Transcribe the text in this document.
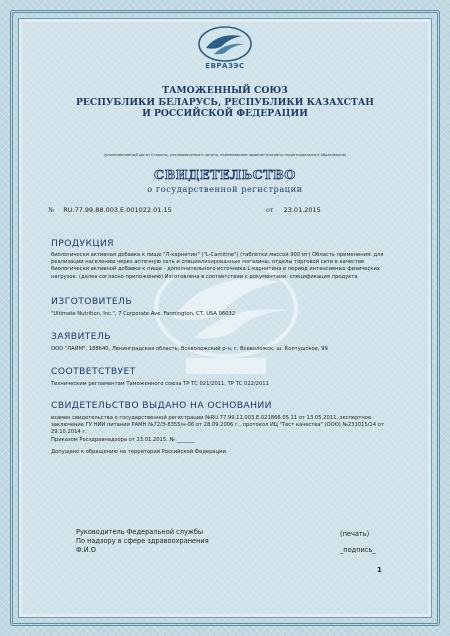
ЕВРАЗЭС
ТАМОЖЕННЫЙ СОЮЗ
РЕСПУБЛИКИ БЕЛАРУСЬ, РЕСПУБЛИКИ КАЗАХСТАН
И РОССИЙСКОЙ ФЕДЕРАЦИИ
(уполномоченный орган Стороны, уполномоченного органа, наименование административно-территориального образования)
СВИДЕТЕЛЬСТВО
о государственной регистрации
№ RU.77.99.88.003.E.001022.01.15	от 23.01.2015
ПРОДУКЦИЯ
биологически активная добавка к пище "Л-карнитин" ("L-Carnitine") (таблетки массой 900 мг) Область применения: для реализации населению через аптечную сеть и специализированные магазины, отделы торговой сети в качестве биологически активной добавки к пище - дополнительного источника L-карнитина в период интенсивных физических нагрузок. (далее согласно приложению) Изготовлена в соответствии с документами: спецификация продукта
ИЗГОТОВИТЕЛЬ
"Ultimate Nutrition, Inc.", 7 Corporate Ave. Farmington, CT, USA 06032
ЗАЯВИТЕЛЬ
ООО "ЛАЙМ", 188640, Ленинградская область, Всеволожский р-н, г. Всеволожск, ш. Колтушское, 99
СООТВЕТСТВУЕТ
Техническим регламентам Таможенного союза ТР ТС 021/2011, ТР ТС 022/2011
СВИДЕТЕЛЬСТВО ВЫДАНО НА ОСНОВАНИИ
взамен свидетельства о государственной регистрации №RU.77.99.11.003.Е.021866.05.11 от 13.05.2011, экспертное заключение ГУ НИИ питания РАМН №72/Э-8355/н-06 от 28.09.2006 г., протокол ИЦ "Тест качества" (ООО) №231015/14 от 29.10.2014 г.
Приказом Росздравнадзора от 23.01.2015. № _______
Допущено к обращению на территории Российской Федерации.
Руководитель Федеральной службы
По надзору в сфере здравоохранения
Ф.И.О
(печать)
_подпись_
1
